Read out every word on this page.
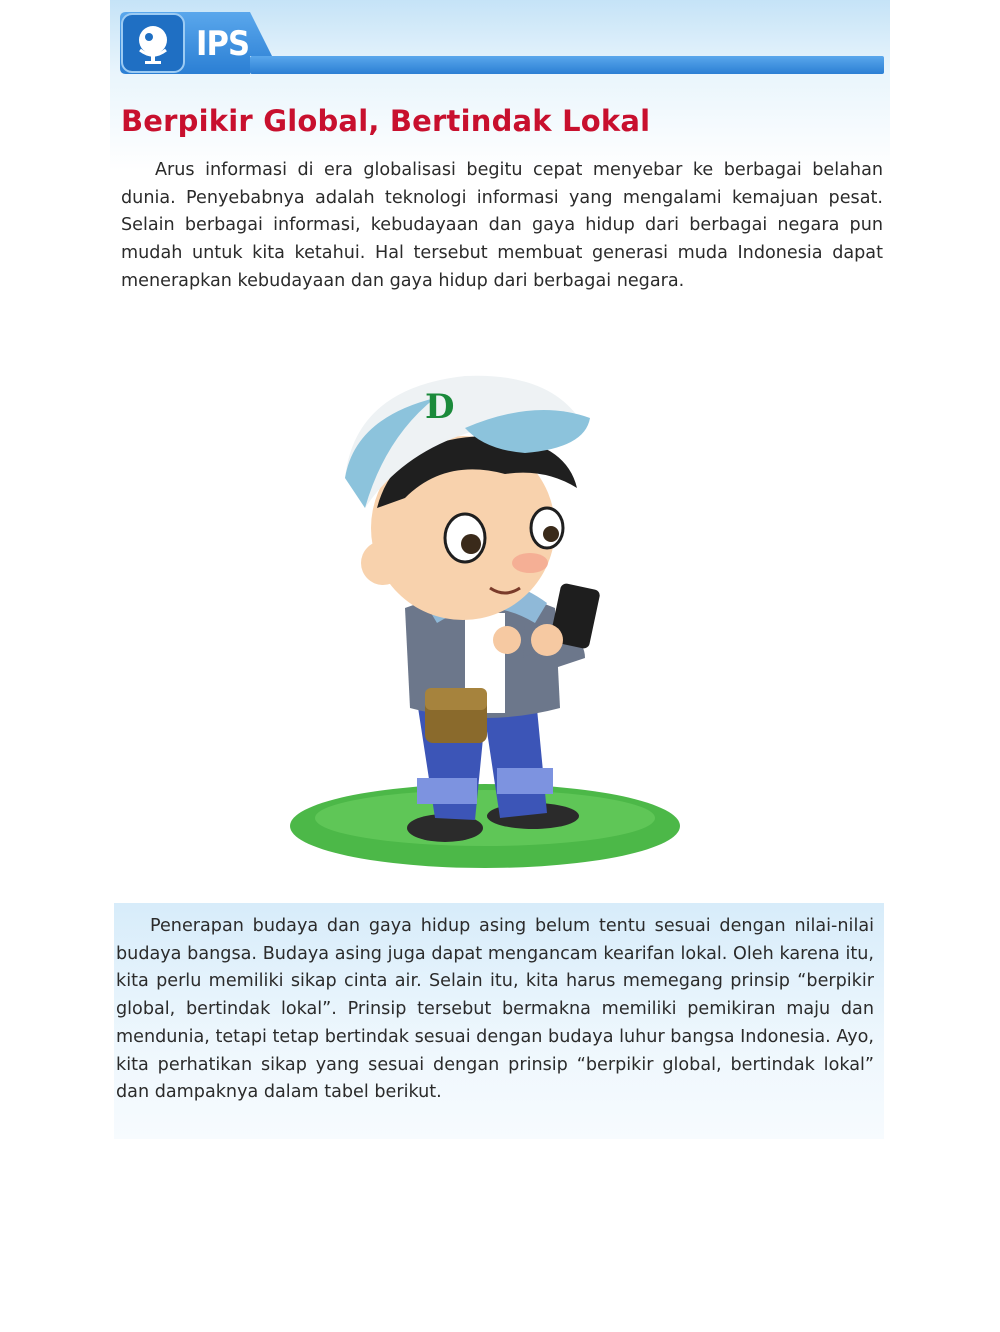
IPS
Berpikir Global, Bertindak Lokal

Arus informasi di era globalisasi begitu cepat menyebar ke berbagai belahan dunia. Penyebabnya adalah teknologi informasi yang mengalami kemajuan pesat. Selain berbagai informasi, kebudayaan dan gaya hidup dari berbagai negara pun mudah untuk kita ketahui. Hal tersebut membuat generasi muda Indonesia dapat menerapkan kebudayaan dan gaya hidup dari berbagai negara.

D

Penerapan budaya dan gaya hidup asing belum tentu sesuai dengan nilai-nilai budaya bangsa. Budaya asing juga dapat mengancam kearifan lokal. Oleh karena itu, kita perlu memiliki sikap cinta air. Selain itu, kita harus memegang prinsip “berpikir global, bertindak lokal”. Prinsip tersebut bermakna memiliki pemikiran maju dan mendunia, tetapi tetap bertindak sesuai dengan budaya luhur bangsa Indonesia. Ayo, kita perhatikan sikap yang sesuai dengan prinsip “berpikir global, bertindak lokal” dan dampaknya dalam tabel berikut.
